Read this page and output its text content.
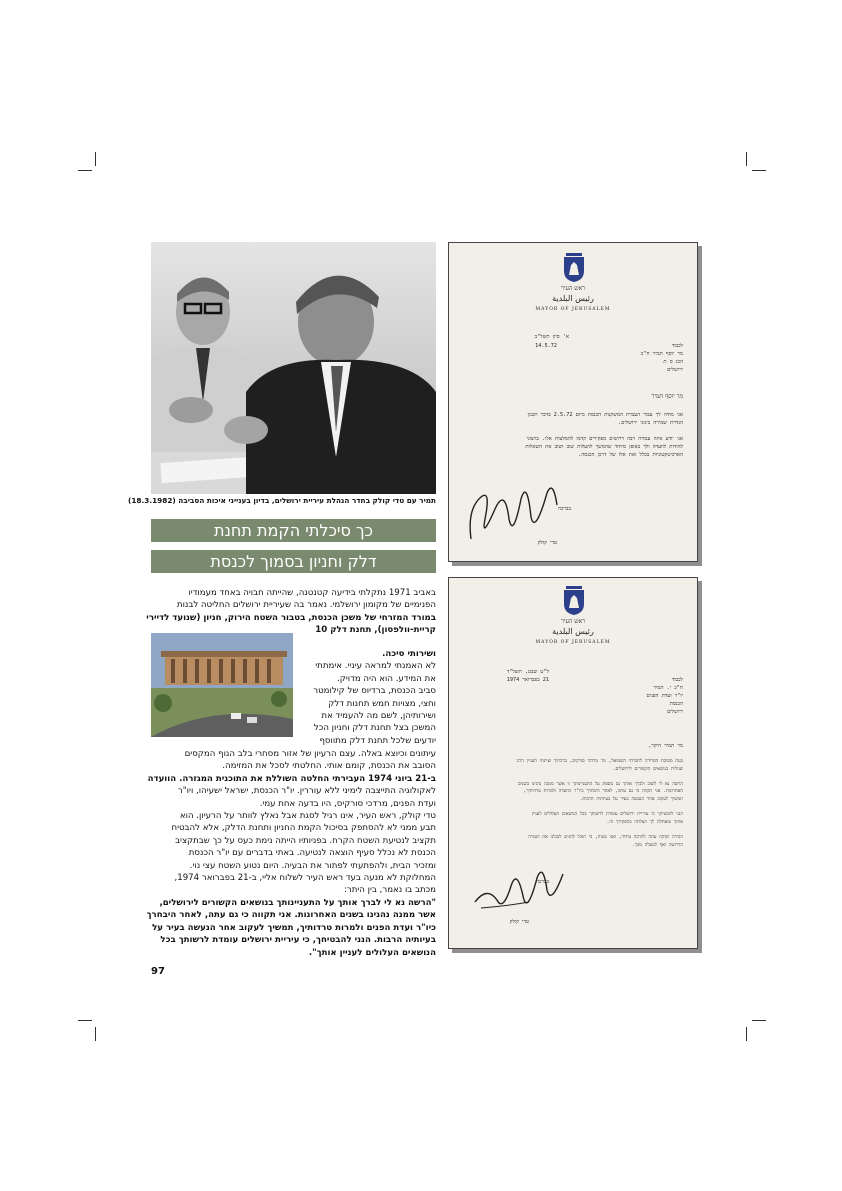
תמיר עם טדי קולק בחדר הנהלת עיריית ירושלים, בדיון בענייני איכות הסביבה (18.3.1982)
כך סיכלתי הקמת תחנת
דלק וחניון בסמוך לכנסת

באביב 1971 נתקלתי בידיעה קטנטנה, שהייתה חבויה באחד מעמודיו

הפנימיים של מקומון ירושלמי. נאמר בה שעיריית ירושלים החליטה לבנות

במורד המזרחי של משכן הכנסת, בטבור השטח הירוק, חניון (שנועד לדיירי

קריית-וולפסון), תחנת דלק 10

ושירותי סיכה.

לא האמנתי למראה עיניי. אימתתי

את המידע. הוא היה מדויק.

סביב הכנסת, ברדיוס של קילומטר

וחצי, מצויות חמש תחנות דלק

ושירותיהן, לשם מה להעמיד את

המשכן בצל תחנת דלק וחניון הכל

יודעים שלכל תחנת דלק מתווסף

עיתונים וכיוצא באלה. עצם הרעיון של אזור מסחרי בלב הנוף המקסים

הסובב את הכנסת, קומם אותי. החלטתי לסכל את המזימה.

ב-21 ביוני 1974 העבירתי החלטה השוללת את התוכנית המגזרה. הוועדה

לאקולוגיה התייצבה לימיני ללא עוררין. יו"ר הכנסת, ישראל ישעיהו, ויו"ר

ועדת הפנים, מרדכי סורקיס, היו בדעה אחת עמי.

טדי קולק, ראש העיר, אינו רגיל לסגת אבל נאלץ לוותר על הרעיון. הוא

תבע ממני לא להסתפק בסיכול הקמת החניון ותחנת הדלק, אלא להבטיח

תקציב לנטיעת השטח הקרח. בפניותיו הייתה נימת כעס על כך שבתקציב

הכנסת לא נכלל סעיף הוצאה לנטיעה. באתי בדברים עם יו"ר הכנסת

ומזכיר הבית, ולהפתעתי לפתור את הבעיה. היום נטוע השטח עצי נוי.

המחלוקת לא מנעה בעד ראש העיר לשלוח אליי, ב-21 בפברואר 1974,

מכתב בו נאמר, בין היתר:

"הרשה נא לי לברך אותך על התעניינותך בנושאים הקשורים לירושלים,

אשר ממנה נהנינו בשנים האחרונות. אני תקווה כי גם עתה, לאחר היבחרך

כיו"ר ועדת הפנים ולמרות טרדותיך, תמשיך לעקוב אחר הנעשה בעיר על

בעיותיה הרבות. הנני להבטיחך, כי עיריית ירושלים עומדת לרשותך בכל

הנושאים העלולים לעניין אותך".

97
ראש העיר
رئيس البلدية
MAYOR OF JERUSALEM
א' סיון תשל"ב
14.5.72	לכבוד
מר יוסף תמיר ח"כ
הכנ ס ת
ירושלים
מר יוסף תמיר
אני מודה לך עבור העברת המשקנות הכנסת מיום 2.5.72 בדבר תכנון
הגדרת שמירה ביגוני ירושלים.

אני יודע איזה עבודה רבה דרושים מפקירים קדמו להמלצות אלו. ברצוני
להודות לוועדה ולך באופן מיוחד שהמשך להעלות שוב ושוב את השאלות
הארכיטקטוניות בכלל ואת אלו של דרכן הכנסה.
בברכה
טדי קולק
ראש העיר
رئيس البلدية
MAYOR OF JERUSALEM
ל"ט שבט, תשל"ד
21 בפברואר 1974	לכבוד
ח"כ י. תמיר
יו"ר ועדת הפנים
הכנסת
ירושלים
מר תמיר היקר,
בעת מסיבת הפרידה לחברתי השמואל, מר מרדכי סורקיס, ברכתיך וציינתי העניין הרב
שגילית בנושאים הקשורים לירושלים.

הרשה נא לי לשוב ולברך אותך גם נוספת על התעניינותך זו אשר ממנה נהנינו בשנים
האחרונות. אני תקווה כי גם עתה, לאחר היבחרך כיו"ר הוועדה ולמרות טרדותיך,
תמשיך לעקוב אחר הנעשה בעיר על בעיותיה הרבות.

הנני להבטיחך כי עיריית ירושלים עומדת לרשותך בכל הנושאים העלולים לעניין
אותך ומאחלת לך הצלחה בתפקידך זה.

הבירה זקוקה עתה להרבה עידוד, ואני בטוח, כי תוכל להגיש לכנלנו את העזרה
הדרושה ואף למעלה מכך.
בברכה
טדי קולק
